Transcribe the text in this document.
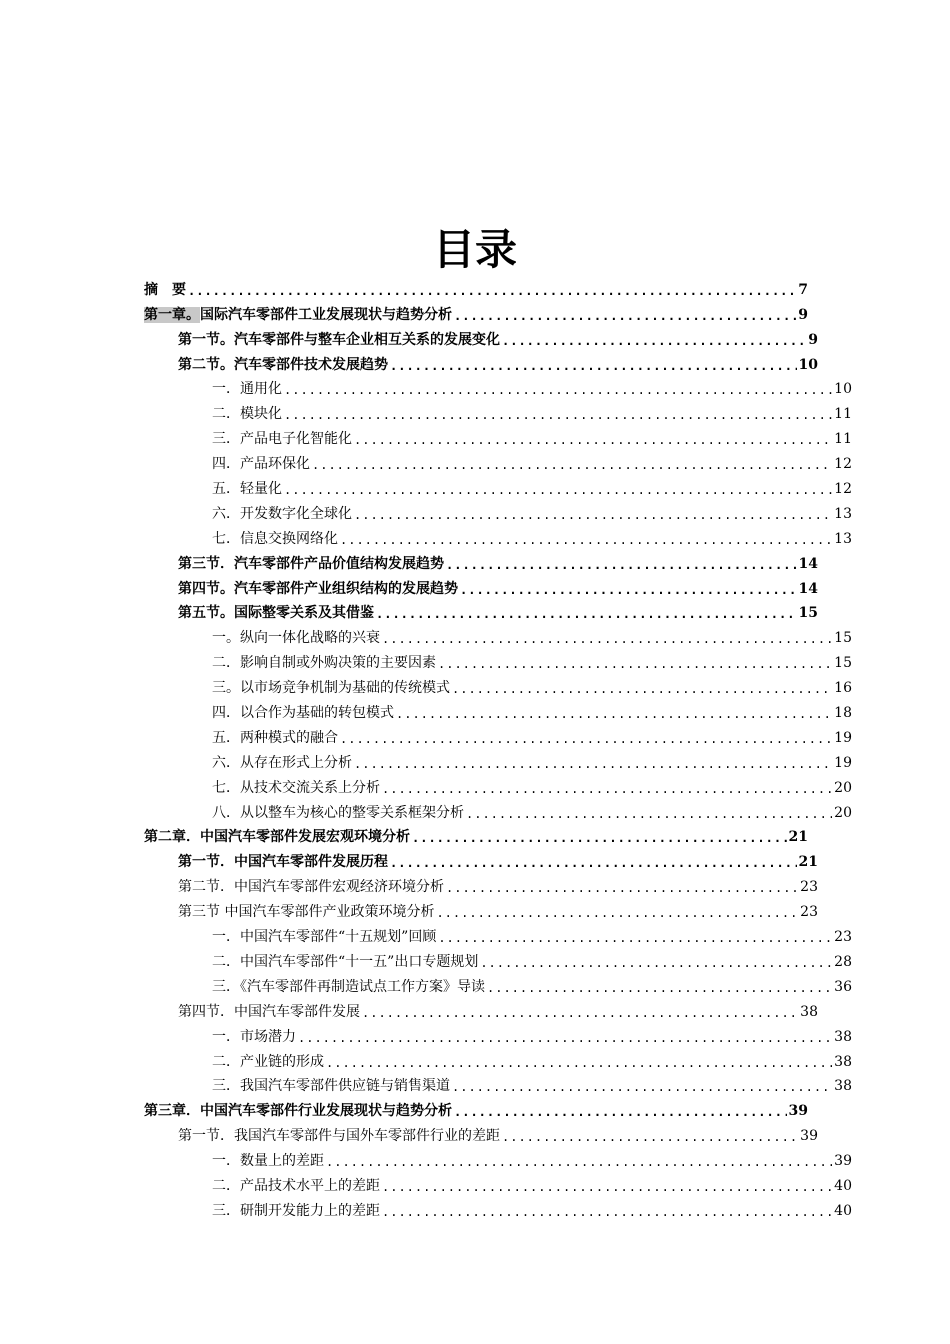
目录
摘　要 .....	7
第一章。国际汽车零部件工业发展现状与趋势分析 .....	9
第一节。汽车零部件与整车企业相互关系的发展变化 .....	9
第二节。汽车零部件技术发展趋势 .....	10
一．通用化 .....	10
二．模块化 .....	11
三．产品电子化智能化 .....	11
四．产品环保化 .....	12
五．轻量化 .....	12
六．开发数字化全球化 .....	13
七．信息交换网络化 .....	13
第三节．汽车零部件产品价值结构发展趋势 .....	14
第四节。汽车零部件产业组织结构的发展趋势 .....	14
第五节。国际整零关系及其借鉴 .....	15
一。纵向一体化战略的兴衰 .....	15
二．影响自制或外购决策的主要因素 .....	15
三。以市场竞争机制为基础的传统模式 .....	16
四．以合作为基础的转包模式 .....	18
五．两种模式的融合 .....	19
六．从存在形式上分析 .....	19
七．从技术交流关系上分析 .....	20
八．从以整车为核心的整零关系框架分析 .....	20
第二章．中国汽车零部件发展宏观环境分析 .....	21
第一节．中国汽车零部件发展历程 .....	21
第二节．中国汽车零部件宏观经济环境分析 .....	23
第三节 中国汽车零部件产业政策环境分析 .....	23
一．中国汽车零部件“十五规划”回顾 .....	23
二．中国汽车零部件“十一五”出口专题规划 .....	28
三．《汽车零部件再制造试点工作方案》导读 .....	36
第四节．中国汽车零部件发展 .....	38
一．市场潜力 .....	38
二．产业链的形成 .....	38
三．我国汽车零部件供应链与销售渠道 .....	38
第三章．中国汽车零部件行业发展现状与趋势分析 .....	39
第一节．我国汽车零部件与国外车零部件行业的差距 .....	39
一．数量上的差距 .....	39
二．产品技术水平上的差距 .....	40
三．研制开发能力上的差距 .....	40
